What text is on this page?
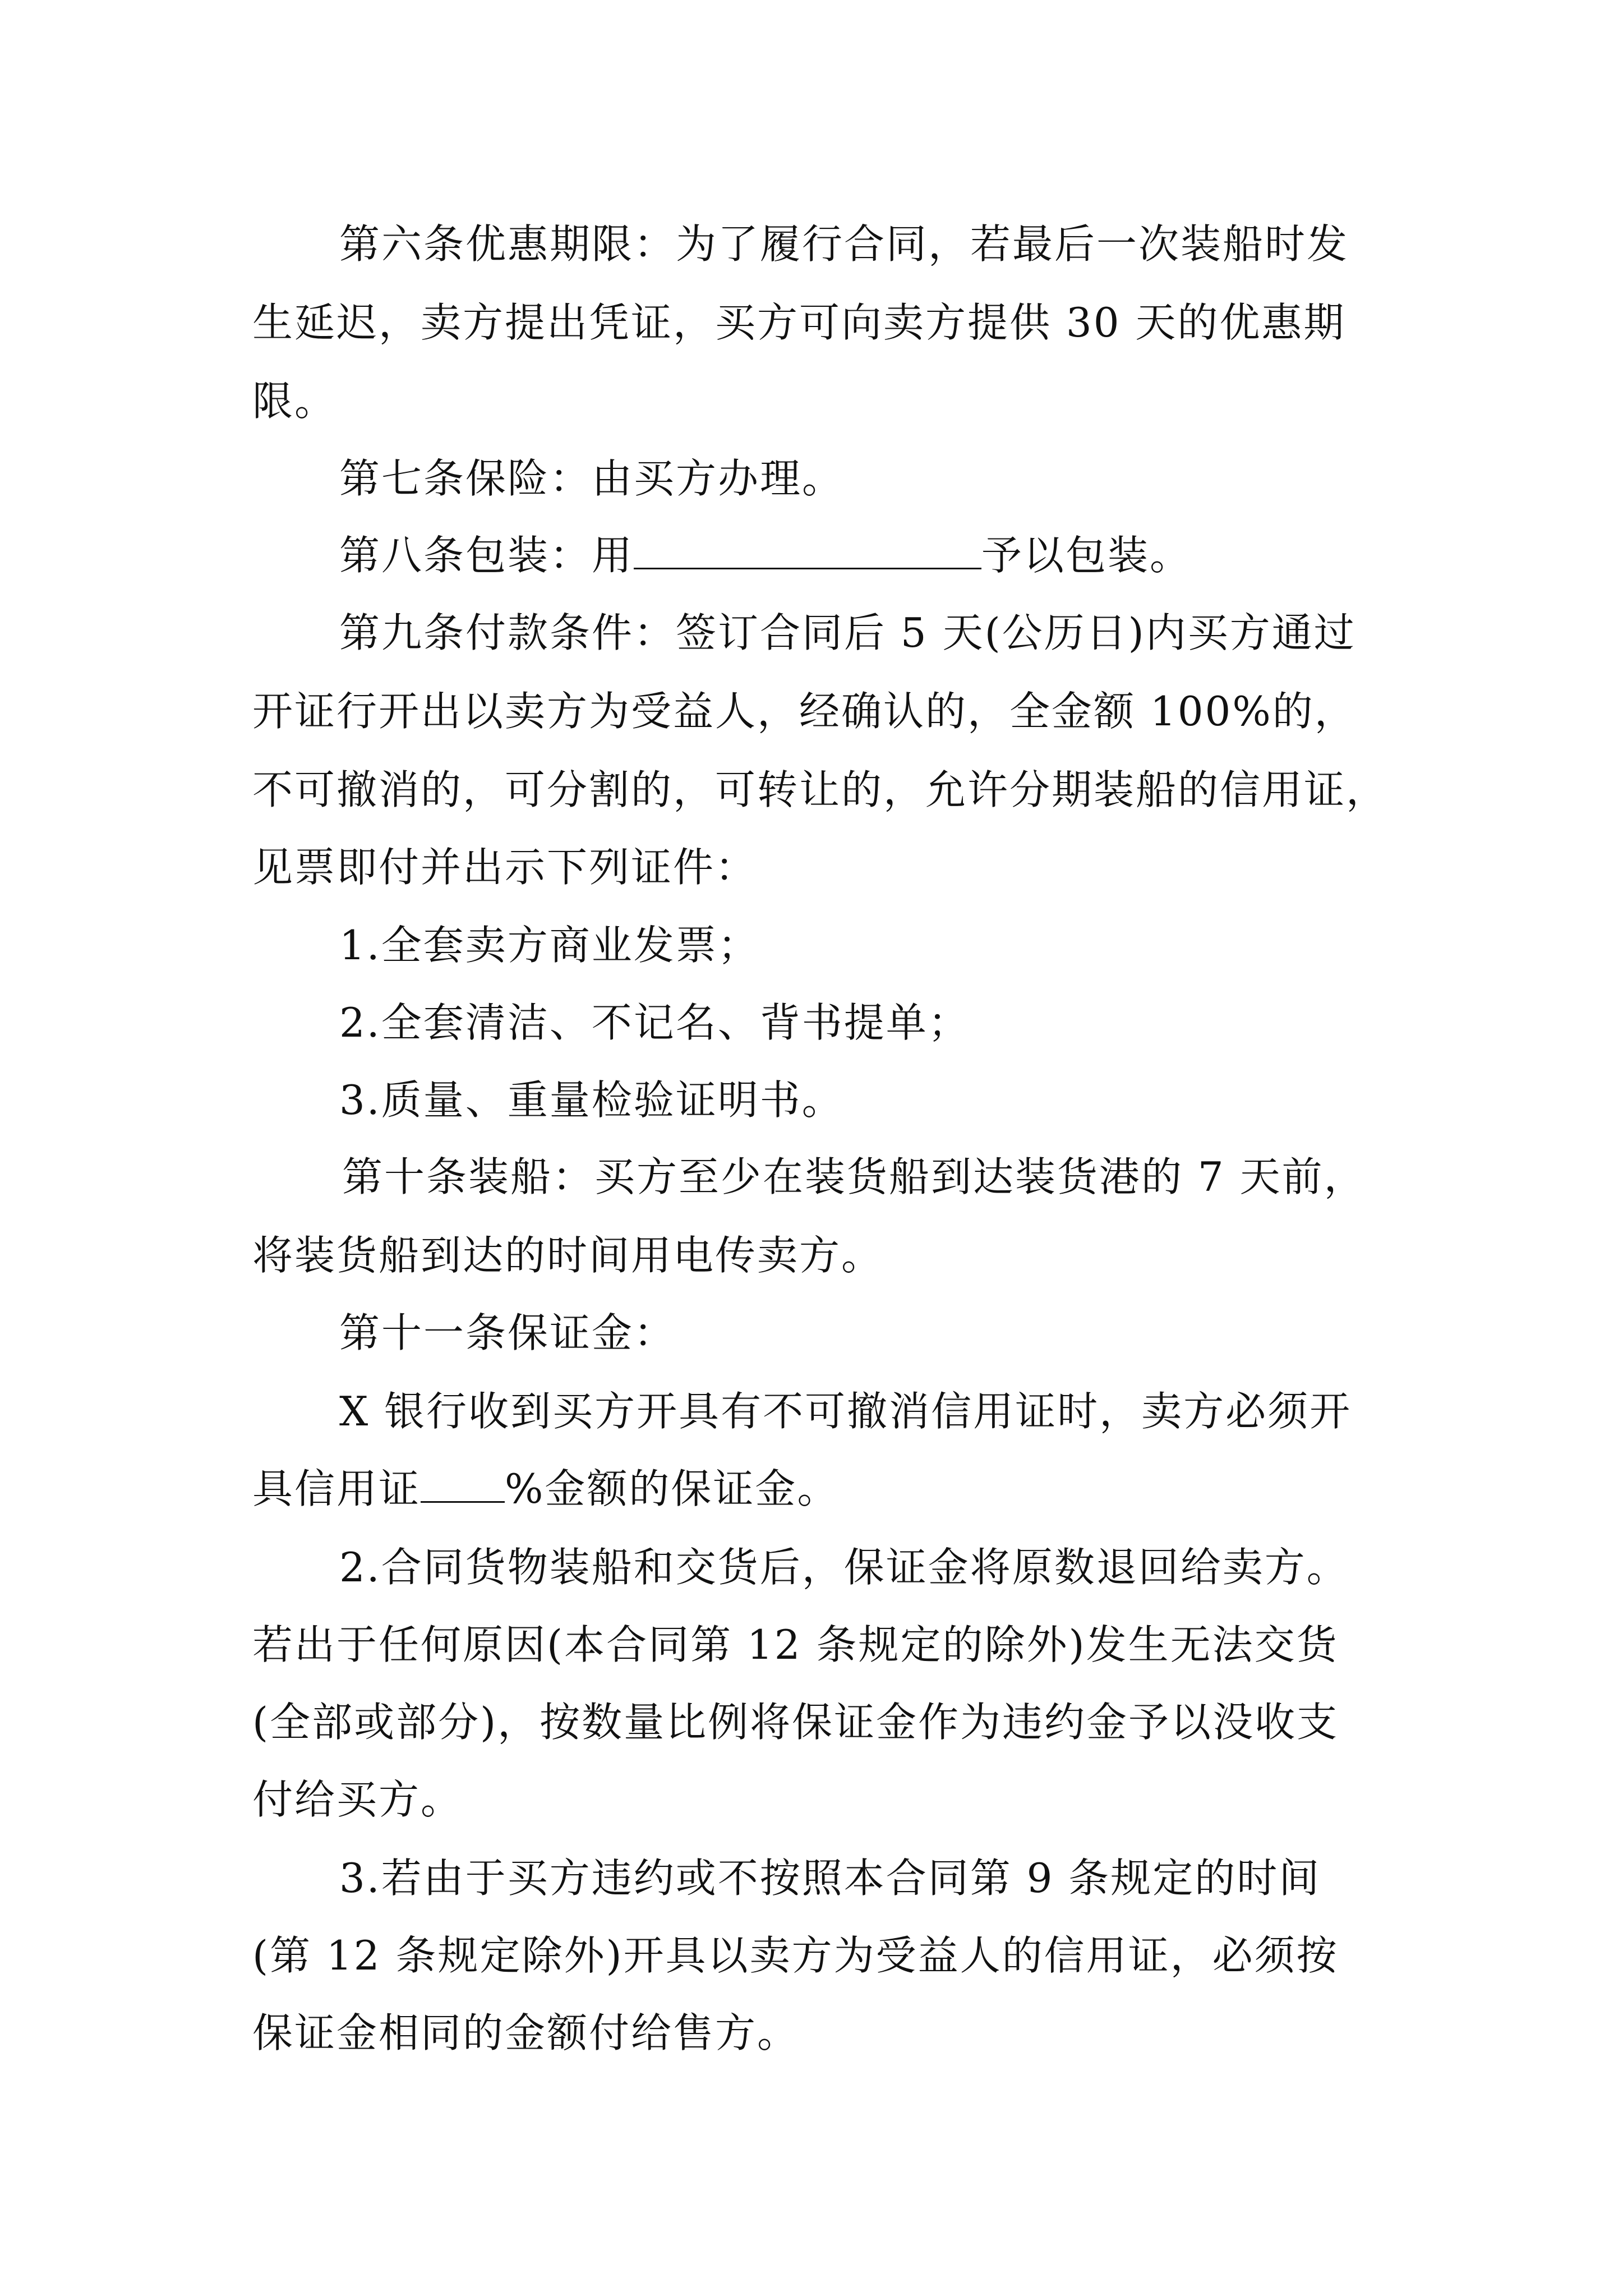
第六条优惠期限：为了履行合同，若最后一次装船时发

生延迟，卖方提出凭证，买方可向卖方提供 30 天的优惠期

限。

第七条保险：由买方办理。

第八条包装：用	予以包装。

第九条付款条件：签订合同后 5 天(公历日)内买方通过

开证行开出以卖方为受益人，经确认的，全金额 100%的，

不可撤消的，可分割的，可转让的，允许分期装船的信用证，

见票即付并出示下列证件：

1.全套卖方商业发票；

2.全套清洁、不记名、背书提单；

3.质量、重量检验证明书。

第十条装船：买方至少在装货船到达装货港的 7 天前，

将装货船到达的时间用电传卖方。

第十一条保证金：

X 银行收到买方开具有不可撤消信用证时，卖方必须开

具信用证 %金额的保证金。

2.合同货物装船和交货后，保证金将原数退回给卖方。

若出于任何原因(本合同第 12 条规定的除外)发生无法交货

(全部或部分)，按数量比例将保证金作为违约金予以没收支

付给买方。

3.若由于买方违约或不按照本合同第 9 条规定的时间

(第 12 条规定除外)开具以卖方为受益人的信用证，必须按

保证金相同的金额付给售方。
